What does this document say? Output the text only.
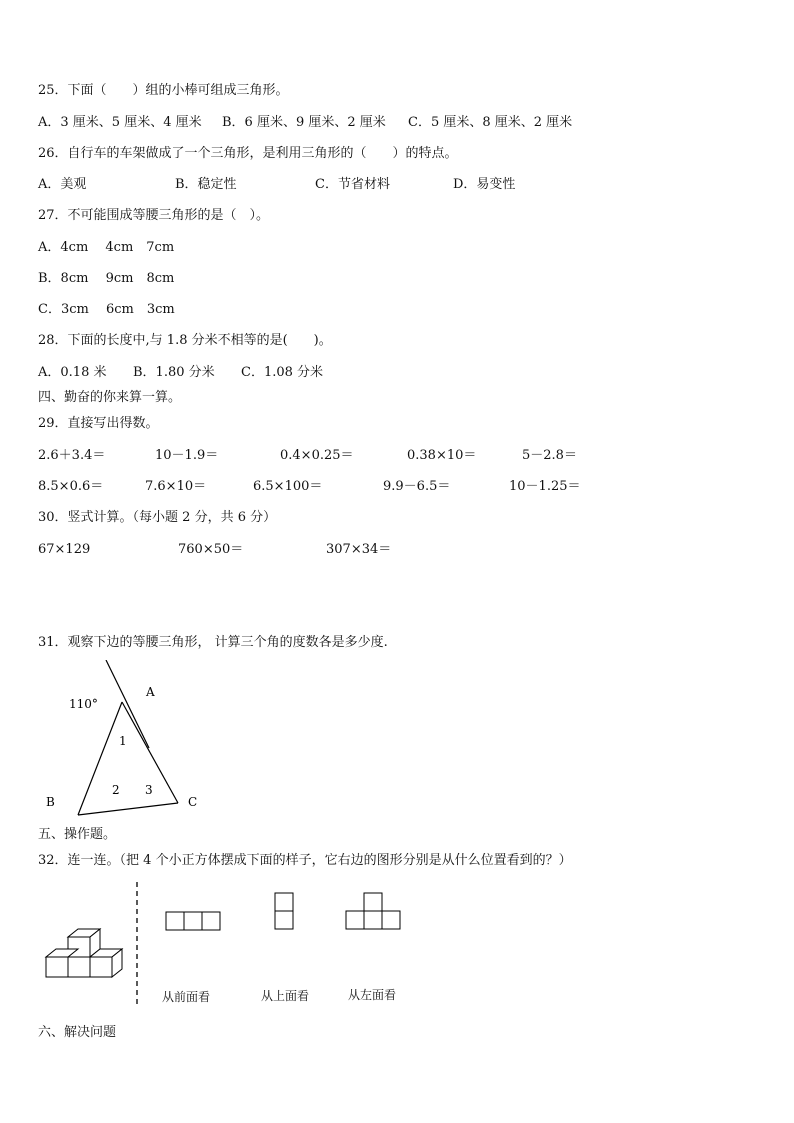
25．下面（　　）组的小棒可组成三角形。
A．3 厘米、5 厘米、4 厘米 B．6 厘米、9 厘米、2 厘米 C．5 厘米、8 厘米、2 厘米
26．自行车的车架做成了一个三角形，是利用三角形的（　　）的特点。
A．美观	B．稳定性	C．节省材料	D．易变性
27．不可能围成等腰三角形的是（　）。
A．4cm　 4cm　7cm
B．8cm　 9cm　8cm
C．3cm　 6cm　3cm
28．下面的长度中,与 1.8 分米不相等的是(　　)。
A．0.18 米 B．1.80 分米 C．1.08 分米
四、勤奋的你来算一算。
29．直接写出得数。
2.6＋3.4＝	10－1.9＝	0.4×0.25＝	0.38×10＝	5－2.8＝
8.5×0.6＝	7.6×10＝	6.5×100＝	9.9－6.5＝	10－1.25＝
30．竖式计算。（每小题 2 分，共 6 分）
67×129	760×50＝	307×34＝
31．观察下边的等腰三角形， 计算三个角的度数各是多少度.
110°
A
B	C
1
2 3
五、操作题。
32．连一连。（把 4 个小正方体摆成下面的样子，它右边的图形分别是从什么位置看到的？）
从前面看	从上面看	从左面看
六、解决问题
